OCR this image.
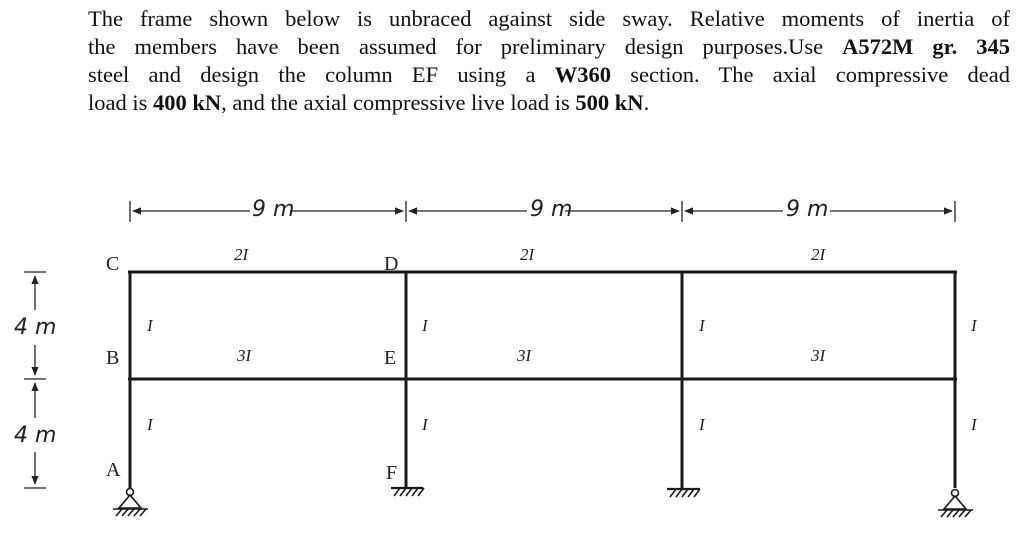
The frame shown below is unbraced against side sway. Relative moments of inertia of
the members have been assumed for preliminary design purposes.Use A572M gr. 345
steel and design the column EF using a W360 section. The axial compressive dead
load is 400 kN, and the axial compressive live load is 500 kN.

9 m	9 m	9 m
4 m
4 m
C
B
A
D
E
F
2I	2I	2I
3I	3I	3I
I	I	I	I
I	I	I	I
